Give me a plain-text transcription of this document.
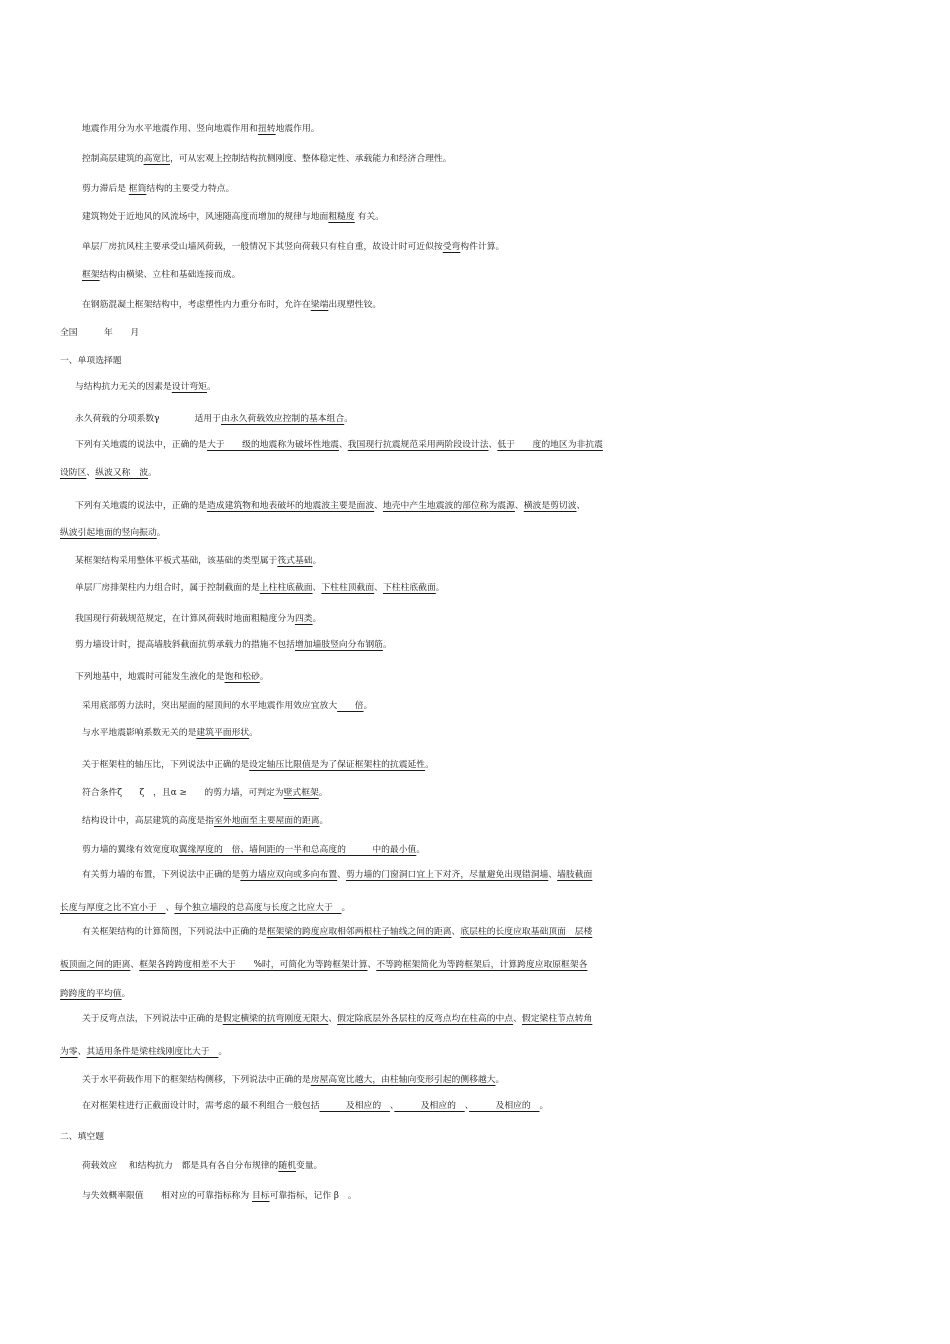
地震作用分为水平地震作用、竖向地震作用和扭转地震作用。
控制高层建筑的高宽比，可从宏观上控制结构抗侧刚度、整体稳定性、承载能力和经济合理性。
剪力滞后是 框筒结构的主要受力特点。
建筑物处于近地风的风流场中，风速随高度而增加的规律与地面粗糙度 有关。
单层厂房抗风柱主要承受山墙风荷载，一般情况下其竖向荷载只有柱自重，故设计时可近似按受弯构件计算。
框架结构由横梁、立柱和基础连接而成。
在钢筋混凝土框架结构中，考虑塑性内力重分布时，允许在梁端出现塑性铰。
全国　　　年　　月
一、单项选择题
与结构抗力无关的因素是设计弯矩。
永久荷载的分项系数γ　　　　适用于由永久荷载效应控制的基本组合。
下列有关地震的说法中，正确的是大于　　级的地震称为破坏性地震、我国现行抗震规范采用两阶段设计法、低于　　度的地区为非抗震
设防区、纵波又称　波。
下列有关地震的说法中，正确的是造成建筑物和地表破坏的地震波主要是面波、地壳中产生地震波的部位称为震源、横波是剪切波、
纵波引起地面的竖向振动。
某框架结构采用整体平板式基础，该基础的类型属于筏式基础。
单层厂房排架柱内力组合时，属于控制截面的是上柱柱底截面、下柱柱顶截面、下柱柱底截面。
我国现行荷载规范规定，在计算风荷载时地面粗糙度分为四类。
剪力墙设计时，提高墙肢斜截面抗剪承载力的措施不包括增加墙肢竖向分布钢筋。
下列地基中，地震时可能发生液化的是饱和松砂。
采用底部剪力法时，突出屋面的屋顶间的水平地震作用效应宜放大　　倍。
与水平地震影响系数无关的是建筑平面形状。
关于框架柱的轴压比，下列说法中正确的是设定轴压比限值是为了保证框架柱的抗震延性。
符合条件ζ　　ζ　，且α ≥　　的剪力墙，可判定为壁式框架。
结构设计中，高层建筑的高度是指室外地面至主要屋面的距离。
剪力墙的翼缘有效宽度取翼缘厚度的　倍、墙间距的一半和总高度的　　　中的最小值。
有关剪力墙的布置，下列说法中正确的是剪力墙应双向或多向布置、剪力墙的门窗洞口宜上下对齐，尽量避免出现错洞墙、墙肢截面
长度与厚度之比不宜小于　、每个独立墙段的总高度与长度之比应大于　。
有关框架结构的计算简图，下列说法中正确的是框架梁的跨度应取相邻两根柱子轴线之间的距离、底层柱的长度应取基础顶面　层楼
板顶面之间的距离、框架各跨跨度相差不大于　　%时，可简化为等跨框架计算、不等跨框架简化为等跨框架后，计算跨度应取原框架各
跨跨度的平均值。
关于反弯点法，下列说法中正确的是假定横梁的抗弯刚度无限大、假定除底层外各层柱的反弯点均在柱高的中点、假定梁柱节点转角
为零、其适用条件是梁柱线刚度比大于　。
关于水平荷载作用下的框架结构侧移，下列说法中正确的是房屋高宽比越大，由柱轴向变形引起的侧移越大。
在对框架柱进行正截面设计时，需考虑的最不利组合一般包括　　　及相应的　、　　　及相应的　、　　　及相应的　。
二、填空题
荷载效应　 和结构抗力　都是具有各自分布规律的随机变量。
与失效概率限值　　相对应的可靠指标称为 目标可靠指标，记作 β　。
